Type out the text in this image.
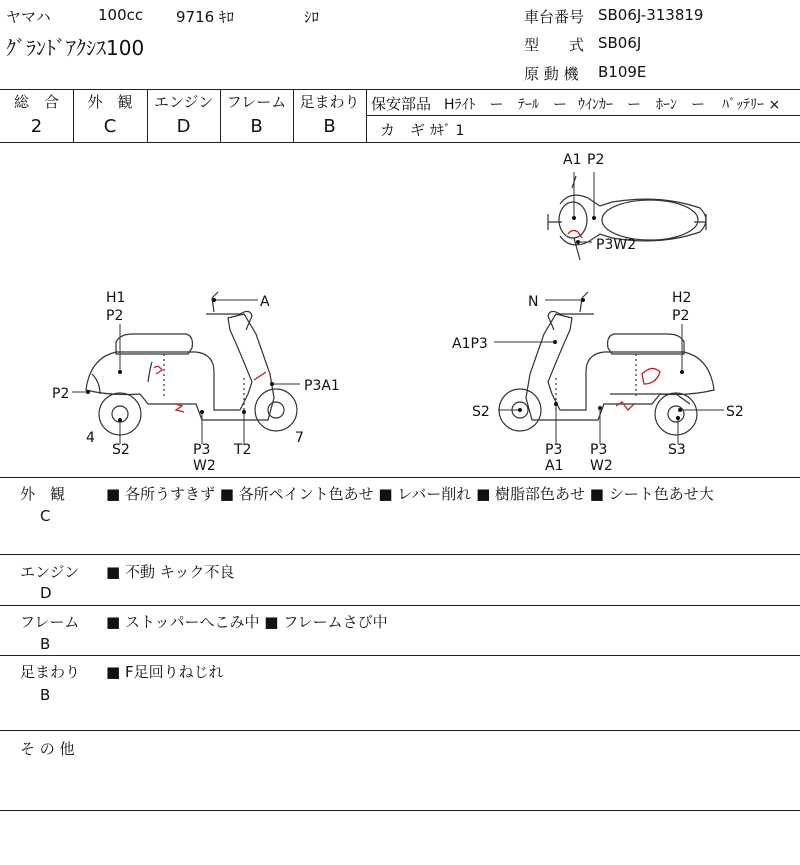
ヤマハ	100cc 9716 ｷﾛ	ｼﾛ
ｸﾞﾗﾝﾄﾞｱｸｼｽ100
車台番号 SB06J-313819
型　　式 SB06J
原 動 機 B109E
総　合
2
外　観
C
エンジン
D
フレーム
B
足まわり
B
保安部品 Hﾗｲﾄ　ー ﾃｰﾙ　ー ｳｲﾝｶｰ　ー ﾎｰﾝ　ー ﾊﾞｯﾃﾘｰ ×
カ　ギ ｶｷﾞ 1
A1 P2
P3W2
H1
P2
A
P3A1
P2
4
S2	P3
W2
T2
7
N	H2
P2
A1P3
S2	S2
P3
A1
P3
W2
S3
外　観
C
■ 各所うすきず ■ 各所ペイント色あせ ■ レバー削れ ■ 樹脂部色あせ ■ シート色あせ大
エンジン
D
■ 不動 キック不良
フレーム
B
■ ストッパーへこみ中 ■ フレームさび中
足まわり
B
■ F足回りねじれ
そ の 他
